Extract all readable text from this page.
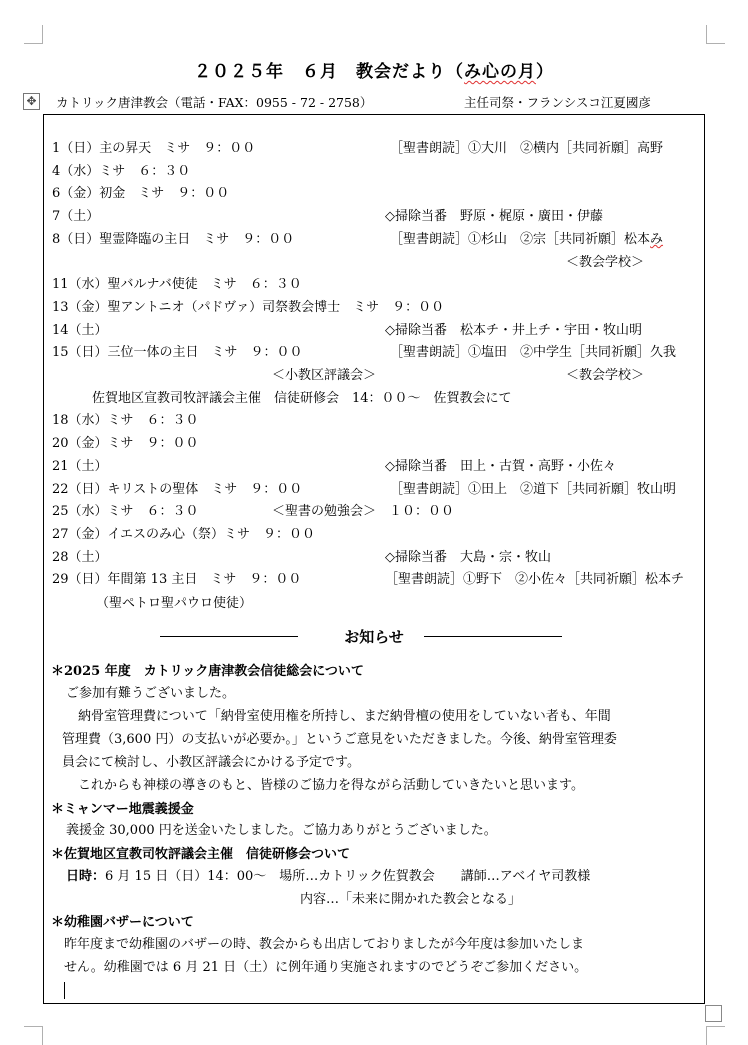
２０２５年　６月　教会だより（み心の月）
✥ カトリック唐津教会（電話・FAX：0955 - 72 - 2758）	主任司祭・フランシスコ江夏國彦
1（日）主の昇天　ミサ　９：００	［聖書朗読］①大川　②横内［共同祈願］高野
4（水）ミサ　６：３０
6（金）初金　ミサ　９：００
7（土）	◇掃除当番　野原・梶原・廣田・伊藤
8（日）聖霊降臨の主日　ミサ　９：００	［聖書朗読］①杉山　②宗［共同祈願］松本み
＜教会学校＞
11（水）聖バルナバ使徒　ミサ　６：３０
13（金）聖アントニオ（パドヴァ）司祭教会博士　ミサ　９：００
14（土）	◇掃除当番　松本チ・井上チ・宇田・牧山明
15（日）三位一体の主日　ミサ　９：００	［聖書朗読］①塩田　②中学生［共同祈願］久我
＜小教区評議会＞	＜教会学校＞
佐賀地区宣教司牧評議会主催　信徒研修会　14：００～　佐賀教会にて
18（水）ミサ　６：３０
20（金）ミサ　９：００
21（土）	◇掃除当番　田上・古賀・高野・小佐々
22（日）キリストの聖体　ミサ　９：００	［聖書朗読］①田上　②道下［共同祈願］牧山明
25（水）ミサ　６：３０	＜聖書の勉強会＞　１０：００
27（金）イエスのみ心（祭）ミサ　９：００
28（土）	◇掃除当番　大島・宗・牧山
29（日）年間第 13 主日　ミサ　９：００	［聖書朗読］①野下　②小佐々［共同祈願］松本チ
（聖ペトロ聖パウロ使徒）
お知らせ
＊2025 年度　カトリック唐津教会信徒総会について
ご参加有難うございました。
納骨室管理費について「納骨室使用権を所持し、まだ納骨檀の使用をしていない者も、年間
管理費（3,600 円）の支払いが必要か。」というご意見をいただきました。今後、納骨室管理委
員会にて検討し、小教区評議会にかける予定です。
これからも神様の導きのもと、皆様のご協力を得ながら活動していきたいと思います。
＊ミャンマー地震義援金
義援金 30,000 円を送金いたしました。ご協力ありがとうございました。
＊佐賀地区宣教司牧評議会主催　信徒研修会ついて
日時：6 月 15 日（日）14：00～　場所…カトリック佐賀教会　　講師…アベイヤ司教様
内容…「未来に開かれた教会となる」
＊幼稚園バザーについて
昨年度まで幼稚園のバザーの時、教会からも出店しておりましたが今年度は参加いたしま
せん。幼稚園では 6 月 21 日（土）に例年通り実施されますのでどうぞご参加ください。
